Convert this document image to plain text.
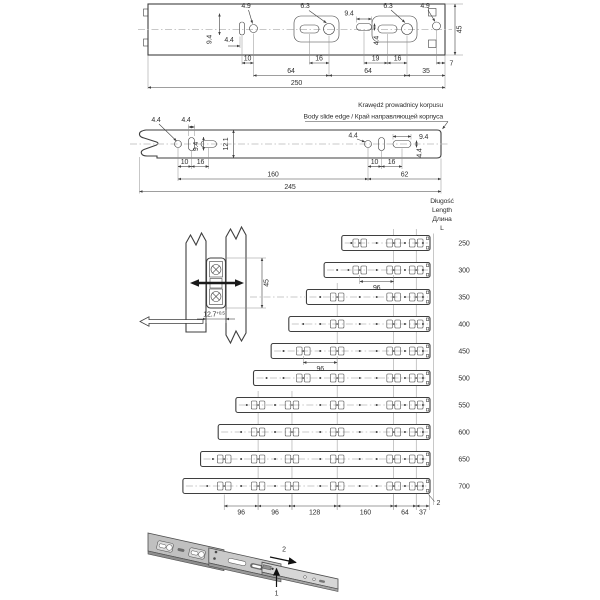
4.9	6.3
9.4
6.3	4.9
9.4 4.4	4.4
45
10	16	19 16
7
64	64	35
250
Krawędź prowadnicy korpusu
Body slide edge / Край направляющей корпуса
4.4	4.4
9.4	12.1
4.4	9.4
4.4
10 16	10 16
160	62
245
45
$12.7^{+0.5}$
250
300
350
400
450
500
550
600
650
700
96	96	128	160	64 37
96
96
Długość
Length
Длина
L
2
2
1
